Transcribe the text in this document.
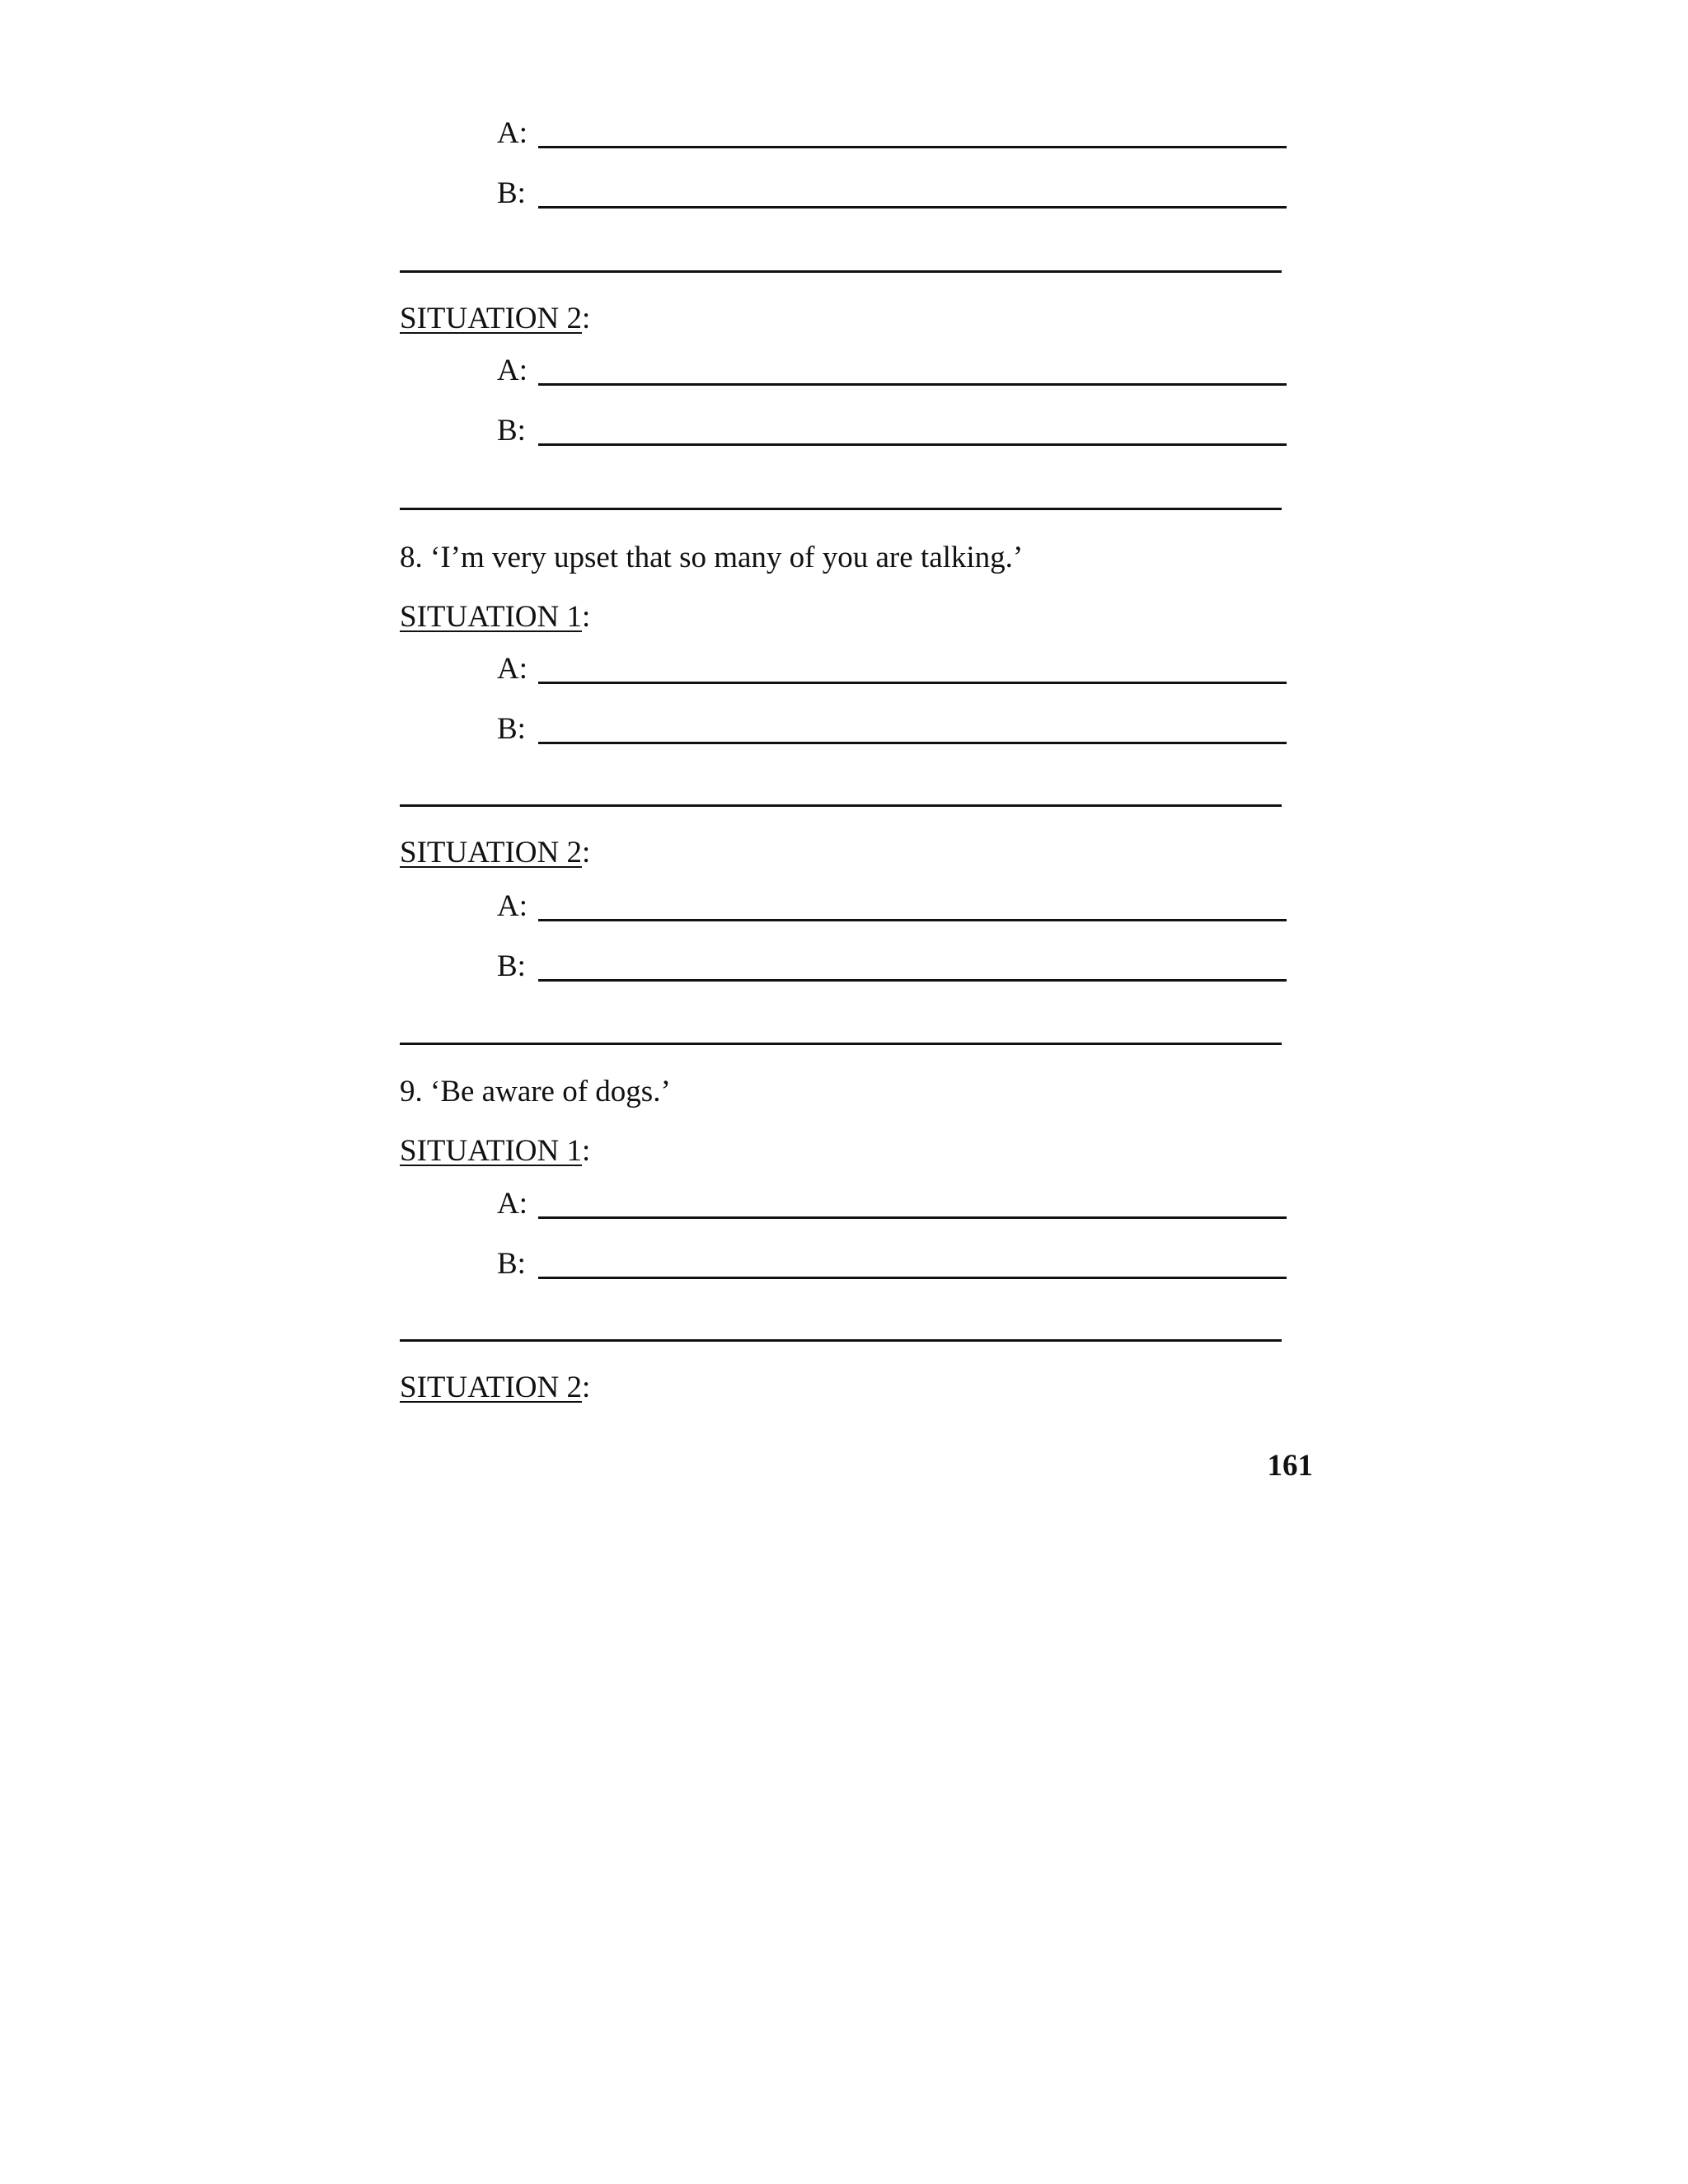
A:
B:
SITUATION 2:
A:
B:
8. ‘I’m very upset that so many of you are talking.’
SITUATION 1:
A:
B:
SITUATION 2:
A:
B:
9. ‘Be aware of dogs.’
SITUATION 1:
A:
B:
SITUATION 2:
161
